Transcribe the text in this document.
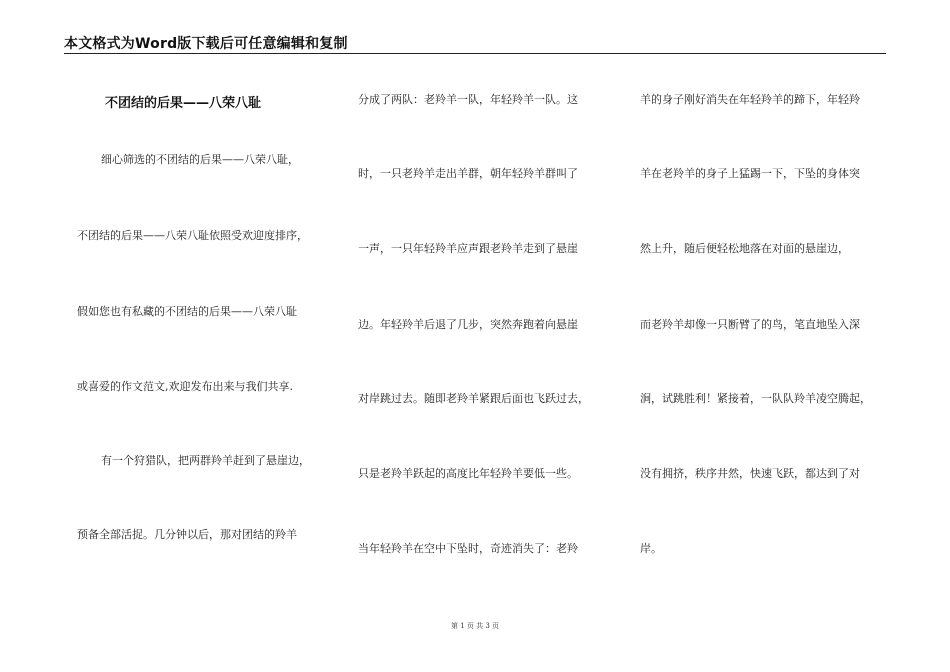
本文格式为Word版下载后可任意编辑和复制
不团结的后果——八荣八耻
细心筛选的不团结的后果——八荣八耻，
不团结的后果——八荣八耻依照受欢迎度排序，
假如您也有私藏的不团结的后果——八荣八耻
或喜爱的作文范文,欢迎发布出来与我们共享.
有一个狩猎队，把两群羚羊赶到了悬崖边，
预备全部活捉。几分钟以后，那对团结的羚羊
分成了两队：老羚羊一队，年轻羚羊一队。这
时，一只老羚羊走出羊群，朝年轻羚羊群叫了
一声，一只年轻羚羊应声跟老羚羊走到了悬崖
边。年轻羚羊后退了几步，突然奔跑着向悬崖
对岸跳过去。随即老羚羊紧跟后面也飞跃过去，
只是老羚羊跃起的高度比年轻羚羊要低一些。
当年轻羚羊在空中下坠时，奇迹消失了：老羚
羊的身子刚好消失在年轻羚羊的蹄下，年轻羚
羊在老羚羊的身子上猛踢一下，下坠的身体突
然上升，随后便轻松地落在对面的悬崖边，
而老羚羊却像一只断臂了的鸟，笔直地坠入深
涧，试跳胜利！紧接着，一队队羚羊凌空腾起，
没有拥挤，秩序井然，快速飞跃，都达到了对
岸。
第 1 页 共 3 页
